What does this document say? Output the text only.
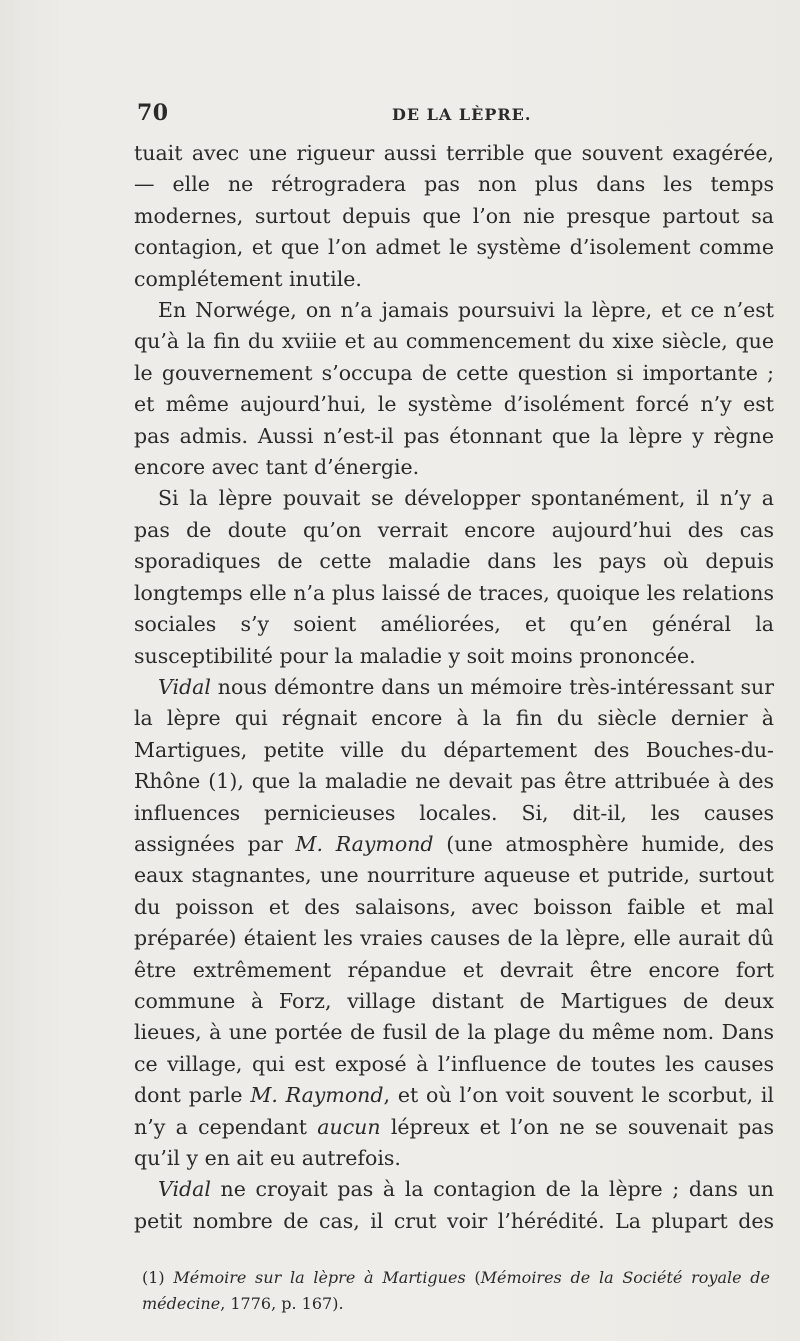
70	DE LA LÈPRE.

tuait avec une rigueur aussi terrible que souvent exagérée, — elle ne rétrogradera pas non plus dans les temps modernes, surtout depuis que l’on nie presque partout sa contagion, et que l’on admet le système d’isolement comme complétement inutile.

En Norwége, on n’a jamais poursuivi la lèpre, et ce n’est qu’à la fin du xviiie et au commencement du xixe siècle, que le gouvernement s’occupa de cette question si importante ; et même aujourd’hui, le système d’isolément forcé n’y est pas admis. Aussi n’est-il pas étonnant que la lèpre y règne encore avec tant d’énergie.

Si la lèpre pouvait se développer spontanément, il n’y a pas de doute qu’on verrait encore aujourd’hui des cas sporadiques de cette maladie dans les pays où depuis longtemps elle n’a plus laissé de traces, quoique les relations sociales s’y soient améliorées, et qu’en général la susceptibilité pour la maladie y soit moins prononcée.

Vidal nous démontre dans un mémoire très-intéressant sur la lèpre qui régnait encore à la fin du siècle dernier à Martigues, petite ville du département des Bouches-du-Rhône (1), que la maladie ne devait pas être attribuée à des influences pernicieuses locales. Si, dit-il, les causes assignées par M. Raymond (une atmosphère humide, des eaux stagnantes, une nourriture aqueuse et putride, surtout du poisson et des salaisons, avec boisson faible et mal préparée) étaient les vraies causes de la lèpre, elle aurait dû être extrêmement répandue et devrait être encore fort commune à Forz, village distant de Martigues de deux lieues, à une portée de fusil de la plage du même nom. Dans ce village, qui est exposé à l’influence de toutes les causes dont parle M. Raymond, et où l’on voit souvent le scorbut, il n’y a cependant aucun lépreux et l’on ne se souvenait pas qu’il y en ait eu autrefois.

Vidal ne croyait pas à la contagion de la lèpre ; dans un petit nombre de cas, il crut voir l’hérédité. La plupart des

(1) Mémoire sur la lèpre à Martigues (Mémoires de la Société royale de médecine, 1776, p. 167).
